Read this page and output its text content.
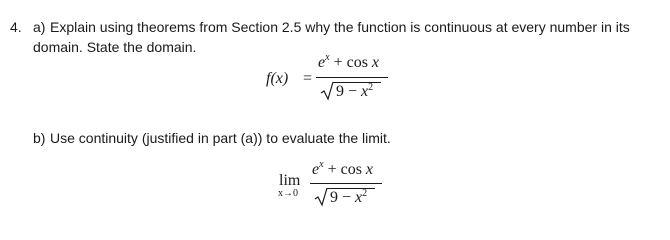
4. a) Explain using theorems from Section 2.5 why the function is continuous at every number in its
domain. State the domain.
f(x) =
$e^x + \cos x$
$9 - x^2$
b) Use continuity (justified in part (a)) to evaluate the limit.
lim
x→0
$e^x + \cos x$
$9 - x^2$
